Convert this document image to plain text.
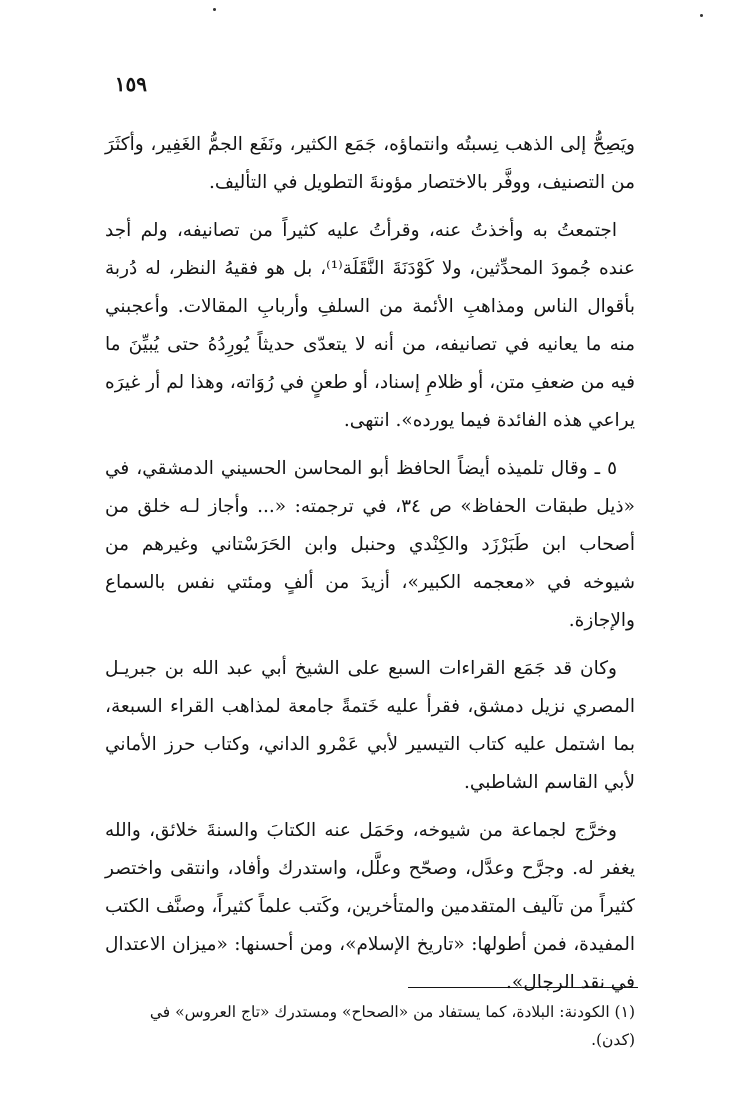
١٥٩

ويَصِحُّ إلى الذهب نِسبتُه وانتماؤه، جَمَع الكثير، ونَفَع الجمُّ الغَفِير، وأكثَرَ من التصنيف، ووفَّر بالاختصار مؤونةَ التطويل في التأليف.

اجتمعتُ به وأخذتُ عنه، وقرأتُ عليه كثيراً من تصانيفه، ولم أجد عنده جُمودَ المحدِّثين، ولا كَوْدَنَةَ النَّقَلَة⁽¹⁾، بل هو فقيهُ النظر، له دُربة بأقوال الناس ومذاهبِ الأئمة من السلفِ وأربابِ المقالات. وأعجبني منه ما يعانيه في تصانيفه، من أنه لا يتعدّى حديثاً يُورِدُهُ حتى يُبيِّنَ ما فيه من ضعفِ متن، أو ظلامِ إسناد، أو طعنٍ في رُوَاته، وهذا لم أر غيرَه يراعي هذه الفائدة فيما يورده». انتهى.

٥ ـ وقال تلميذه أيضاً الحافظ أبو المحاسن الحسيني الدمشقي، في «ذيل طبقات الحفاظ» ص ٣٤، في ترجمته: «... وأجاز لـه خلق من أصحاب ابن طَبَرْزَد والكِنْدي وحنبل وابن الحَرَسْتاني وغيرهم من شيوخه في «معجمه الكبير»، أزيدَ من ألفٍ ومئتي نفس بالسماع والإجازة.

وكان قد جَمَع القراءات السبع على الشيخ أبي عبد الله بن جبريـل المصري نزيل دمشق، فقرأ عليه خَتمةً جامعة لمذاهب القراء السبعة، بما اشتمل عليه كتاب التيسير لأبي عَمْرو الداني، وكتاب حرز الأماني لأبي القاسم الشاطبي.

وخرَّج لجماعة من شيوخه، وحَمَل عنه الكتابَ والسنةَ خلائق، والله يغفر له. وجرَّح وعدَّل، وصحّح وعلَّل، واستدرك وأفاد، وانتقى واختصر كثيراً من تآليف المتقدمين والمتأخرين، وكَتب علماً كثيراً، وصنَّف الكتب المفيدة، فمن أطولها: «تاريخ الإسلام»، ومن أحسنها: «ميزان الاعتدال في نقد الرجال».

(١) الكودنة: البلادة، كما يستفاد من «الصحاح» ومستدرك «تاج العروس» في (كدن).
